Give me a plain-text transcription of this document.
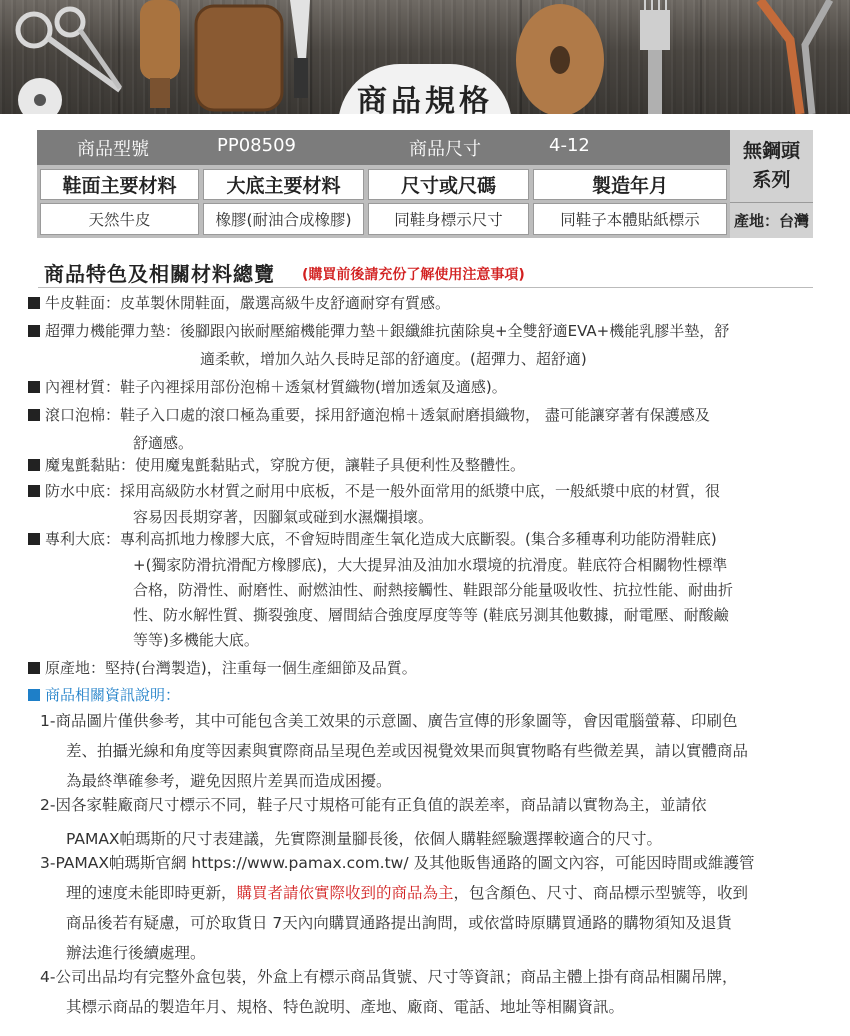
商品規格
商品型號	PP08509	商品尺寸	4-12
鞋面主要材料	大底主要材料	尺寸或尺碼	製造年月
天然牛皮	橡膠(耐油合成橡膠)	同鞋身標示尺寸	同鞋子本體貼紙標示
無鋼頭
系列
產地：台灣
商品特色及相關材料總覽 (購買前後請充份了解使用注意事項)
牛皮鞋面：皮革製休閒鞋面，嚴選高級牛皮舒適耐穿有質感。
超彈力機能彈力墊：後腳跟內嵌耐壓縮機能彈力墊＋銀纖維抗菌除臭+全雙舒適EVA+機能乳膠半墊，舒
適柔軟，增加久站久長時足部的舒適度。(超彈力、超舒適)
內裡材質：鞋子內裡採用部份泡棉＋透氣材質織物(增加透氣及適感)。
滾口泡棉：鞋子入口處的滾口極為重要，採用舒適泡棉＋透氣耐磨損織物， 盡可能讓穿著有保護感及
舒適感。
魔鬼氈黏貼：使用魔鬼氈黏貼式，穿脫方便，讓鞋子具便利性及整體性。
防水中底：採用高級防水材質之耐用中底板，不是一般外面常用的紙漿中底，一般紙漿中底的材質，很
容易因長期穿著，因腳氣或碰到水濕爛損壞。
專利大底：專利高抓地力橡膠大底，不會短時間產生氧化造成大底斷裂。(集合多種專利功能防滑鞋底)
+(獨家防滑抗滑配方橡膠底)，大大提昇油及油加水環境的抗滑度。鞋底符合相關物性標準
合格，防滑性、耐磨性、耐燃油性、耐熱接觸性、鞋跟部分能量吸收性、抗拉性能、耐曲折
性、防水解性質、撕裂強度、層間結合強度厚度等等 (鞋底另測其他數據，耐電壓、耐酸鹼
等等)多機能大底。
原產地：堅持(台灣製造)，注重每一個生產細節及品質。
商品相關資訊說明：
1-商品圖片僅供參考，其中可能包含美工效果的示意圖、廣告宣傳的形象圖等，會因電腦螢幕、印刷色
差、拍攝光線和角度等因素與實際商品呈現色差或因視覺效果而與實物略有些微差異，請以實體商品
為最終準確參考，避免因照片差異而造成困擾。
2-因各家鞋廠商尺寸標示不同，鞋子尺寸規格可能有正負值的誤差率，商品請以實物為主，並請依
PAMAX帕瑪斯的尺寸表建議，先實際測量腳長後，依個人購鞋經驗選擇較適合的尺寸。
3-PAMAX帕瑪斯官網 https://www.pamax.com.tw/ 及其他販售通路的圖文內容，可能因時間或維護管
理的速度未能即時更新，購買者請依實際收到的商品為主，包含顏色、尺寸、商品標示型號等，收到
商品後若有疑慮，可於取貨日 7天內向購買通路提出詢問，或依當時原購買通路的購物須知及退貨
辦法進行後續處理。
4-公司出品均有完整外盒包裝，外盒上有標示商品貨號、尺寸等資訊；商品主體上掛有商品相關吊牌，
其標示商品的製造年月、規格、特色說明、產地、廠商、電話、地址等相關資訊。
